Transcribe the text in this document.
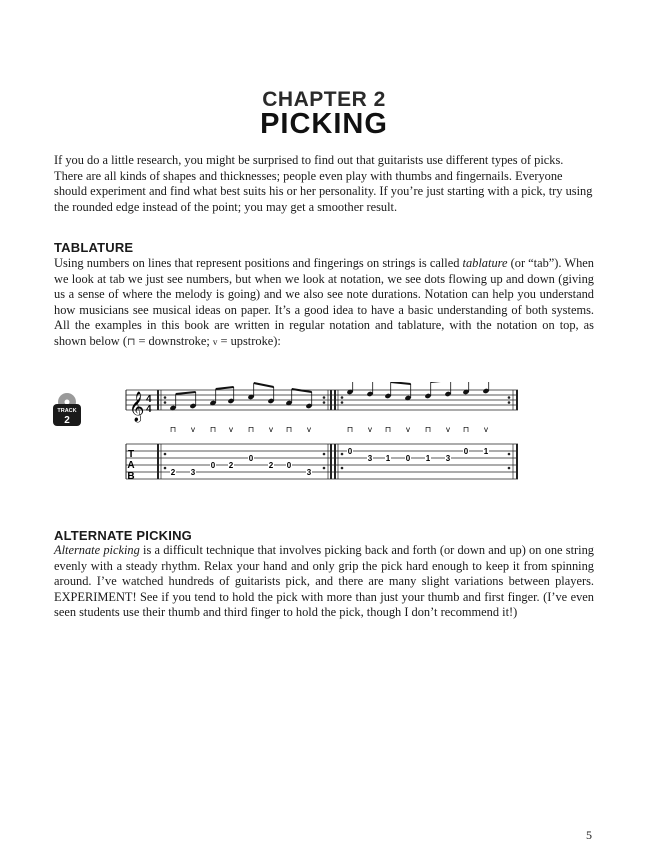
CHAPTER 2
PICKING

If you do a little research, you might be surprised to find out that guitarists use different types of picks. There are all kinds of shapes and thicknesses; people even play with thumbs and fingernails. Everyone should experiment and find what best suits his or her personality. If you’re just starting with a pick, try using the rounded edge instead of the point; you may get a smoother result.

TABLATURE

Using numbers on lines that represent positions and fingerings on strings is called tablature (or “tab”). When we look at tab we just see numbers, but when we look at notation, we see dots flowing up and down (giving us a sense of where the melody is going) and we also see note durations. Notation can help you understand how musicians see musical ideas on paper. It’s a good idea to have a basic understanding of both systems. All the examples in this book are written in regular notation and tablature, with the notation on top, as shown below (⊓ = downstroke; v = upstroke):

TRACK
2 𝄞 4
4
⊓ v ⊓ v ⊓ v ⊓ v	⊓ v ⊓ v ⊓ v ⊓ v
T
A
B	2 3
0 2
0
2 0
3
0
3 1 0 1 3
0 1
ALTERNATE PICKING

Alternate picking is a difficult technique that involves picking back and forth (or down and up) on one string evenly with a steady rhythm. Relax your hand and only grip the pick hard enough to keep it from spinning around. I’ve watched hundreds of guitarists pick, and there are many slight variations between players. EXPERIMENT! See if you tend to hold the pick with more than just your thumb and first finger. (I’ve even seen students use their thumb and third finger to hold the pick, though I don’t recommend it!)

5
